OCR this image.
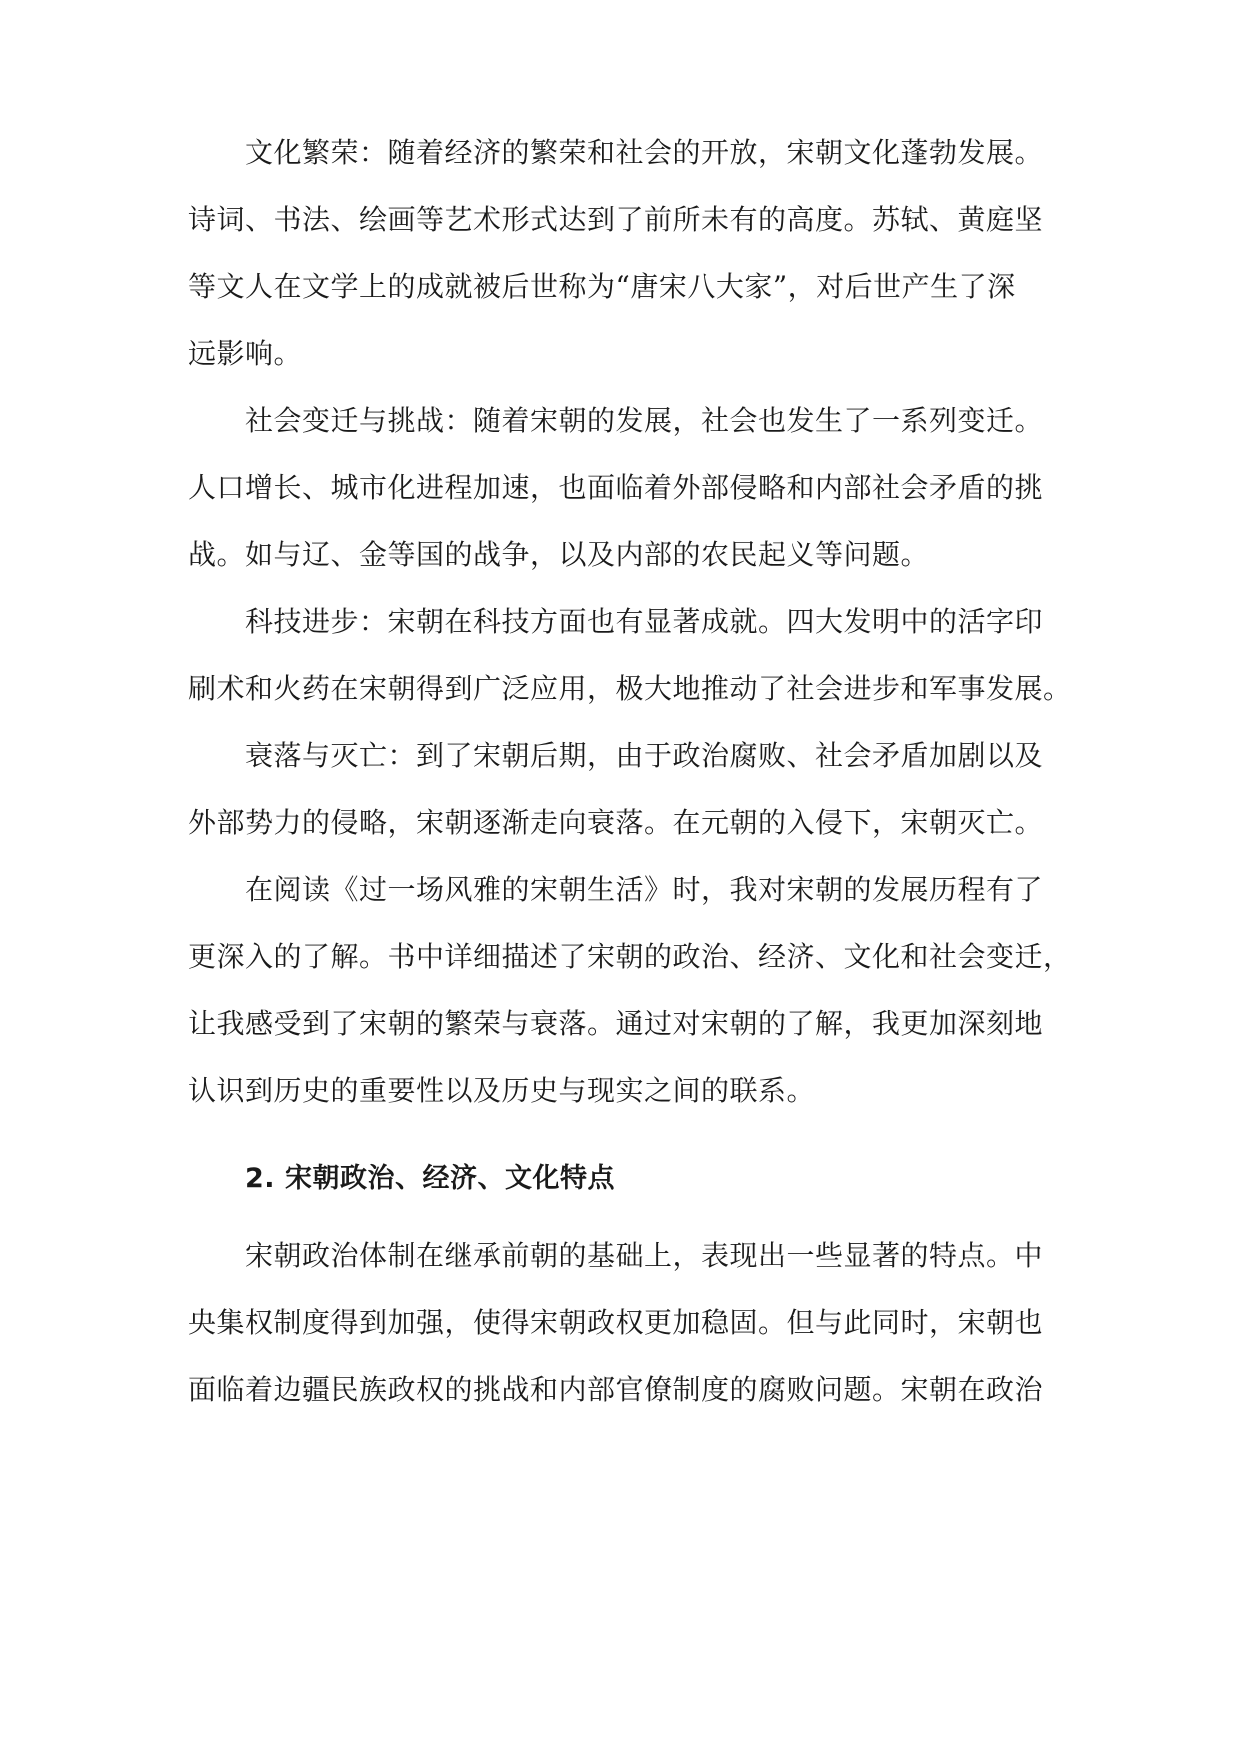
文化繁荣：随着经济的繁荣和社会的开放，宋朝文化蓬勃发展。
诗词、书法、绘画等艺术形式达到了前所未有的高度。苏轼、黄庭坚
等文人在文学上的成就被后世称为“唐宋八大家”，对后世产生了深
远影响。
社会变迁与挑战：随着宋朝的发展，社会也发生了一系列变迁。
人口增长、城市化进程加速，也面临着外部侵略和内部社会矛盾的挑
战。如与辽、金等国的战争，以及内部的农民起义等问题。
科技进步：宋朝在科技方面也有显著成就。四大发明中的活字印
刷术和火药在宋朝得到广泛应用，极大地推动了社会进步和军事发展。
衰落与灭亡：到了宋朝后期，由于政治腐败、社会矛盾加剧以及
外部势力的侵略，宋朝逐渐走向衰落。在元朝的入侵下，宋朝灭亡。
在阅读《过一场风雅的宋朝生活》时，我对宋朝的发展历程有了
更深入的了解。书中详细描述了宋朝的政治、经济、文化和社会变迁，
让我感受到了宋朝的繁荣与衰落。通过对宋朝的了解，我更加深刻地
认识到历史的重要性以及历史与现实之间的联系。
2. 宋朝政治、经济、文化特点
宋朝政治体制在继承前朝的基础上，表现出一些显著的特点。中
央集权制度得到加强，使得宋朝政权更加稳固。但与此同时，宋朝也
面临着边疆民族政权的挑战和内部官僚制度的腐败问题。宋朝在政治
